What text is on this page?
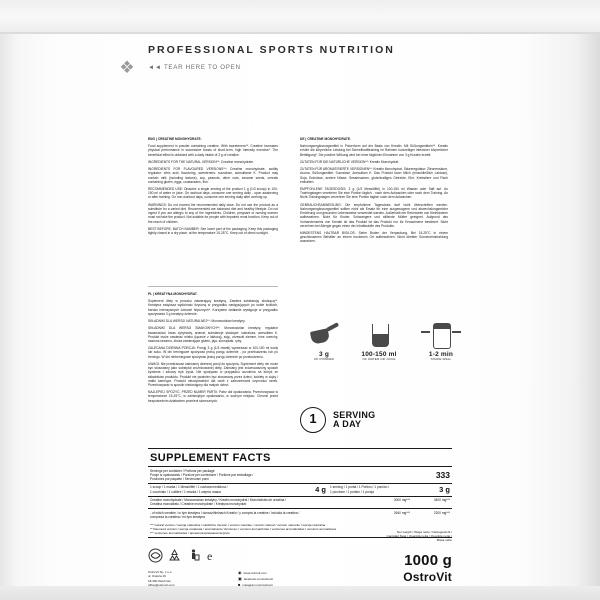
❖
PROFESSIONAL SPORTS NUTRITION
◄◄ TEAR HERE TO OPEN

ENG | CREATINE MONOHYDRATE.

Food supplement in powder containing creatine. With sweeteners**. Creatine increases physical performance in successive bursts of short-term, high intensity exercise*. The beneficial effect is obtained with a daily intake of 3 g of creatine.

INGREDIENTS FOR THE NATURAL VERSION**: Creatine monohydrate.

INGREDIENTS FOR FLAVOURED VERSIONS**: Creatine monohydrate, acidity regulator: citric acid, flavouring, sweeteners: sucralose, acesulfame K. Product may contain milk (including lactose), soy, peanuts, other nuts, sesame seeds, cereals containing gluten, eggs, crustaceans, fish.

RECOMMENDED USE: Dissolve a single serving of the product 1 g (1/3 scoop) in 100-150 ml of water or juice. On workout days, consume one serving daily - upon awakening or after training. On non-workout days, consume one serving daily after working up.

WARNINGS: Do not exceed the recommended daily dose. Do not use the product as a substitute for a varied diet. Recommended are balanced diet and healthy lifestyle. Do not ingest if you are allergic to any of the ingredients. Children, pregnant or nursing women must not take the product. Not suitable for people with impaired renal function. Keep out of the reach of children.

BEST BEFORE, BATCH NUMBER: See lower part of the packaging. Keep this packaging tightly closed in a dry place, at the temperature 15-25°C. Keep out of direct sunlight.

PL | KREATYNA MONOHYDRAT.

Suplement diety w proszku zawierający kreatynę. Zawiera substancję słodzącą**. Kreatyna zwiększa wydolność fizyczną w przypadku następujących po sobie krótkich, bardzo intensywnych ćwiczeń fizycznych*. Korzystne działanie występuje w przypadku spożywania 3 g kreatyny dziennie.

SKŁADNIKI DLA WERSJI NATURALNEJ**: Monowodzian kreatyny.

SKŁADNIKI DLA WERSJI SMAKOWYCH**: Monowodzian kreatyny, regulator kwasowości: kwas cytrynowy, aromat, substancje słodzące: sukraloza, acesulfam K. Produkt może zawierać mleko (łącznie z laktozą), soję, orzeszki ziemne, inne orzechy, nasiona sezamu, zboża zawierające gluten, jaja, skorupiaki, ryby.

ZALECANA DZIENNA PORCJA: Porcję 3 g (1/3 miarki) wymieszać w 100-150 ml wody lub soku. W dni treningowe spożywać jedną porcję dziennie - po przebudzeniu lub po treningu. W dni nietreningowe spożywać jedną porcję dziennie po przebudzeniu.

UWAGI: Nie przekraczać zalecanej dziennej porcji do spożycia. Suplement diety nie może być stosowany jako substytut zróżnicowanej diety. Zalecany jest zrównoważony sposób żywienia i zdrowy tryb życia. Nie spożywać w przypadku uczulenia na któryś ze składników produktu. Produkt nie powinien być stosowany przez dzieci, kobiety w ciąży i matki karmiące. Produkt nieodpowiedni dla osób z zaburzeniami czynności nerek. Przechowywać w sposób niedostępny dla małych dzieci.

NAJLEPIEJ SPOŻYĆ, PRZED NUMER PARTII: Patrz dół opakowania. Przechowywać w temperaturze 15-25°C, w zamkniętym opakowaniu, w suchym miejscu. Chronić przed bezpośrednim działaniem promieni słonecznych.

DE | CREATINE MONOHYDRATE.

Nahrungsergänzungsmittel in Pulverform auf der Basis von Kreatin. Mit Süßungsmitteln**. Kreatin erhöht die körperliche Leistung bei Schnellkrafttraining im Rahmen kurzzeitiger intensiver körperlicher Betätigung*. Die positive Wirkung wird bei einer täglichen Einnahme von 3 g Kreatin erzielt.

ZUTATEN FÜR DIE NATÜRLICHE VERSION**: Kreatin Monohydrat.

ZUTATEN FÜR AROMATISIERTE VERSIONEN**: Kreatin Monohydrat, Säureregulator: Zitronensäure, Aroma, Süßungsmittel: Sucralose, Acesulfam K. Das Produkt kann Milch (einschließlich Laktose), Soja, Erdnüsse, andere Nüsse, Sesamsamen, glutenhaltiges Getreide, Eier, Krebstiere und Fisch enthalten.

EMPFOHLENE TAGESDOSIS: 3 g (1/3 Messlöffel) in 100-150 ml Wasser oder Saft auf. An Trainingstagen verzehren Sie eine Portion täglich - nach dem Aufwachen oder nach dem Training. An Nicht-Trainingstagen verzehren Sie eine Portion täglich nach dem Aufwachen.

GEBRAUCHSANWEISUNG: Die empfohlene Tagesdosis darf nicht überschritten werden. Nahrungsergänzungsmittel sollten nicht als Ersatz für eine ausgewogene und abwechslungsreiche Ernährung und gesunden Lebensweise verwendet werden. Außerhalb der Reichweite von Kleinkindern aufbewahren. Nicht für Kinder, Schwangere und stillende Mütter geeignet. Aufgrund des Vorhandenseins von Kreatin ist das Produkt ist das Produkt nur für Erwachsene bestimmt. Nicht verzehren bei Allergie gegen einen der Inhaltsstoffe des Produkts.

MINDESTENS HALTBAR BIS/LOS: Siehe Boden der Verpackung. Bei 15-25°C in einem geschlossenen Behälter an einem trockenen Ort aufbewahren. Nicht direkter Sonneneinstrahlung aussetzen.

3 g
OF POWDER
100-150 ml
OF WATER OR JUICE
1-2 min
SHAKE WELL
1	SERVING
A DAY
SUPPLEMENT FACTS
Servings per container / Portions per package
Porcje w opakowaniu / Porzioni per confezione / Portions par emballage /
Porciones por paquete / Servírovaní porcí	333
1 scoop / 1 marka / 1 Messlöffel / 1 cuchara medidora /
1 cucchiaio / 1 cuillère / 1 miarka / 1 мерна ложка	4 g 1 serving / 1 portia / 1 Portion / 1 porción /
1 porzione / 1 portion / 1 porcja	3 g
Creatine monohydrate / Monowodzian kreatyny / Kreatin monohydrat / Monohidrato de creatina /
Creatina monoidrato / Créatine monohydrate / Kreatyna monohydrat
3000 mg***	3400 mg***
- of which creatine / w tym kreatyna / donaczíhlelnach Kreatin / y compris la creatine / incluida la creatina /
compresa la creatina / en tym kreatyna
2640 mg***	2200 mg***
*** natural version / wersja naturalna / natürliche Version / version naturale / versión natural / version naturelle / wersja naturalna
** flavoured version / wersja smakowa / aromatisierte Versionen / versioni aromatizzate / versiones aromatizadas / versions aromatisées
*** versiones aromatizadas / ароматизированная версия	Net weight / Waga netto / Nettogewicht /
Cantidad Neta / Quantità netta / Quantité nette /
Masa netto
1000 g
OstroVit
e
OstroVit Sp. z o.o.
ul. Ostoria 16
18-300 Zambrów
office@ostrovit.com
◉ www.ostrovit.com
▣ facebook.com/ostrovit
■ instagram.com/ostrovit
